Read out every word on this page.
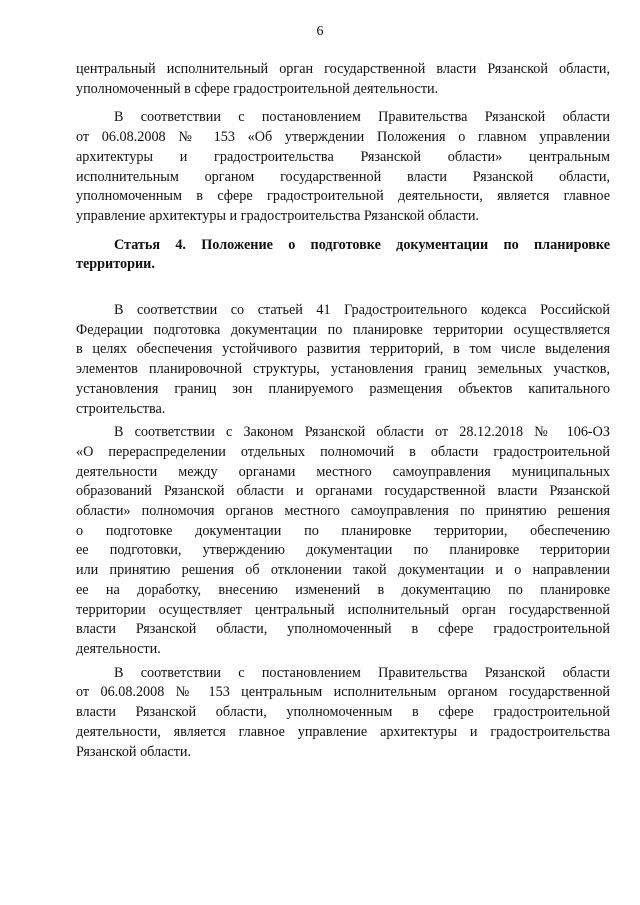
6

центральный исполнительный орган государственной власти Рязанской области,
уполномоченный в сфере градостроительной деятельности.

В соответствии с постановлением Правительства Рязанской области
от 06.08.2008 № 153 «Об утверждении Положения о главном управлении
архитектуры и градостроительства Рязанской области» центральным
исполнительным органом государственной власти Рязанской области,
уполномоченным в сфере градостроительной деятельности, является главное
управление архитектуры и градостроительства Рязанской области.

Статья 4. Положение о подготовке документации по планировке
территории.

В соответствии со статьей 41 Градостроительного кодекса Российской
Федерации подготовка документации по планировке территории осуществляется
в целях обеспечения устойчивого развития территорий, в том числе выделения
элементов планировочной структуры, установления границ земельных участков,
установления границ зон планируемого размещения объектов капитального
строительства.

В соответствии с Законом Рязанской области от 28.12.2018 № 106-ОЗ
«О перераспределении отдельных полномочий в области градостроительной
деятельности между органами местного самоуправления муниципальных
образований Рязанской области и органами государственной власти Рязанской
области» полномочия органов местного самоуправления по принятию решения
о подготовке документации по планировке территории, обеспечению
ее подготовки, утверждению документации по планировке территории
или принятию решения об отклонении такой документации и о направлении
ее на доработку, внесению изменений в документацию по планировке
территории осуществляет центральный исполнительный орган государственной
власти Рязанской области, уполномоченный в сфере градостроительной
деятельности.

В соответствии с постановлением Правительства Рязанской области
от 06.08.2008 № 153 центральным исполнительным органом государственной
власти Рязанской области, уполномоченным в сфере градостроительной
деятельности, является главное управление архитектуры и градостроительства
Рязанской области.
